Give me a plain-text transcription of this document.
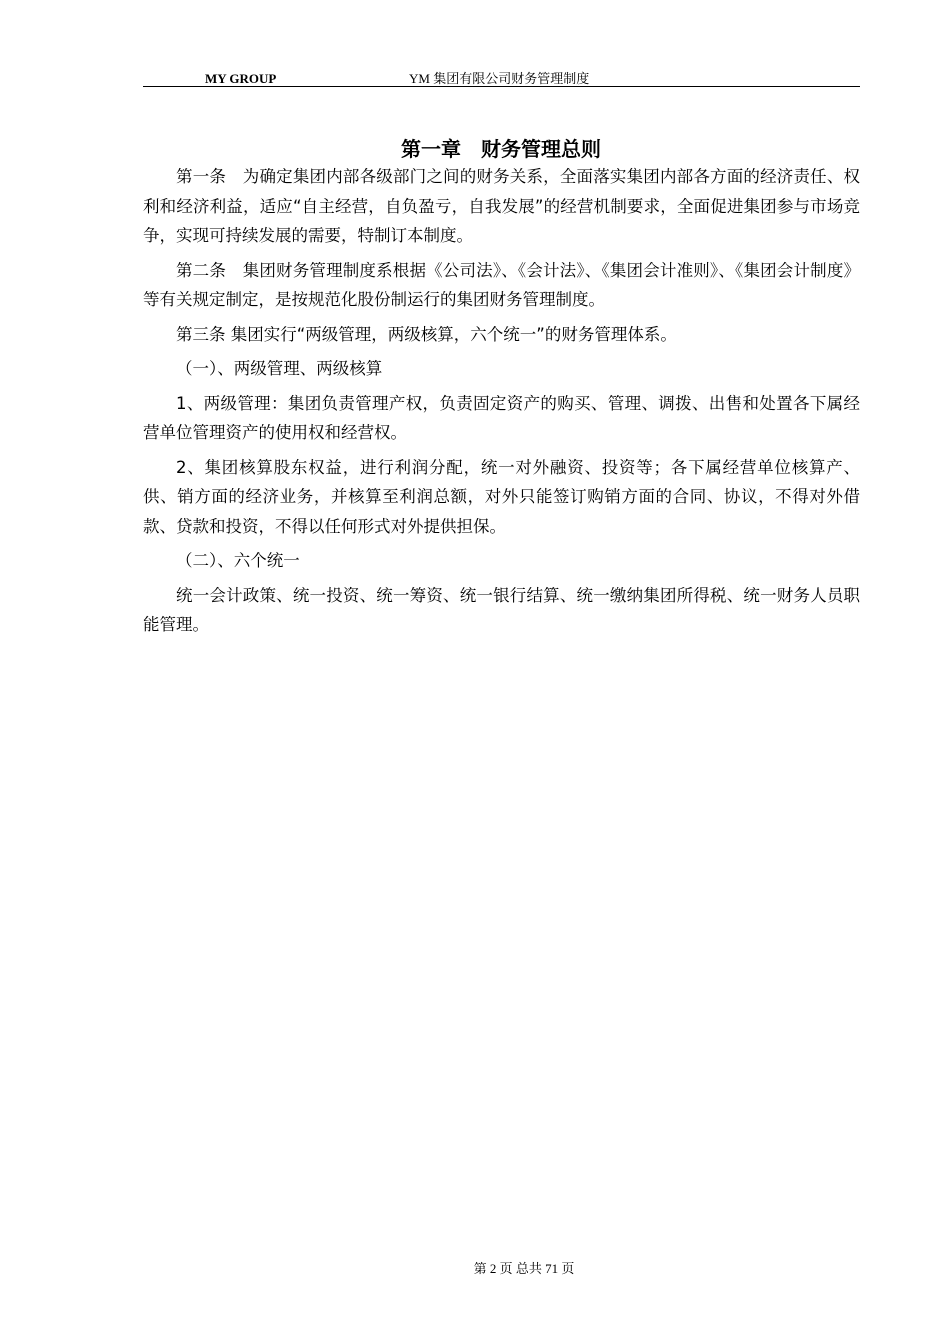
MY GROUP	YM 集团有限公司财务管理制度
第一章　财务管理总则

第一条　为确定集团内部各级部门之间的财务关系，全面落实集团内部各方面的经济责任、权利和经济利益，适应“自主经营，自负盈亏，自我发展”的经营机制要求，全面促进集团参与市场竞争，实现可持续发展的需要，特制订本制度。

第二条　集团财务管理制度系根据《公司法》、《会计法》、《集团会计准则》、《集团会计制度》等有关规定制定，是按规范化股份制运行的集团财务管理制度。

第三条 集团实行“两级管理，两级核算，六个统一”的财务管理体系。

（一）、两级管理、两级核算

1、两级管理：集团负责管理产权，负责固定资产的购买、管理、调拨、出售和处置各下属经营单位管理资产的使用权和经营权。

2、集团核算股东权益，进行利润分配，统一对外融资、投资等；各下属经营单位核算产、供、销方面的经济业务，并核算至利润总额，对外只能签订购销方面的合同、协议，不得对外借款、贷款和投资，不得以任何形式对外提供担保。

（二）、六个统一

统一会计政策、统一投资、统一筹资、统一银行结算、统一缴纳集团所得税、统一财务人员职能管理。

第 2 页 总共 71 页
